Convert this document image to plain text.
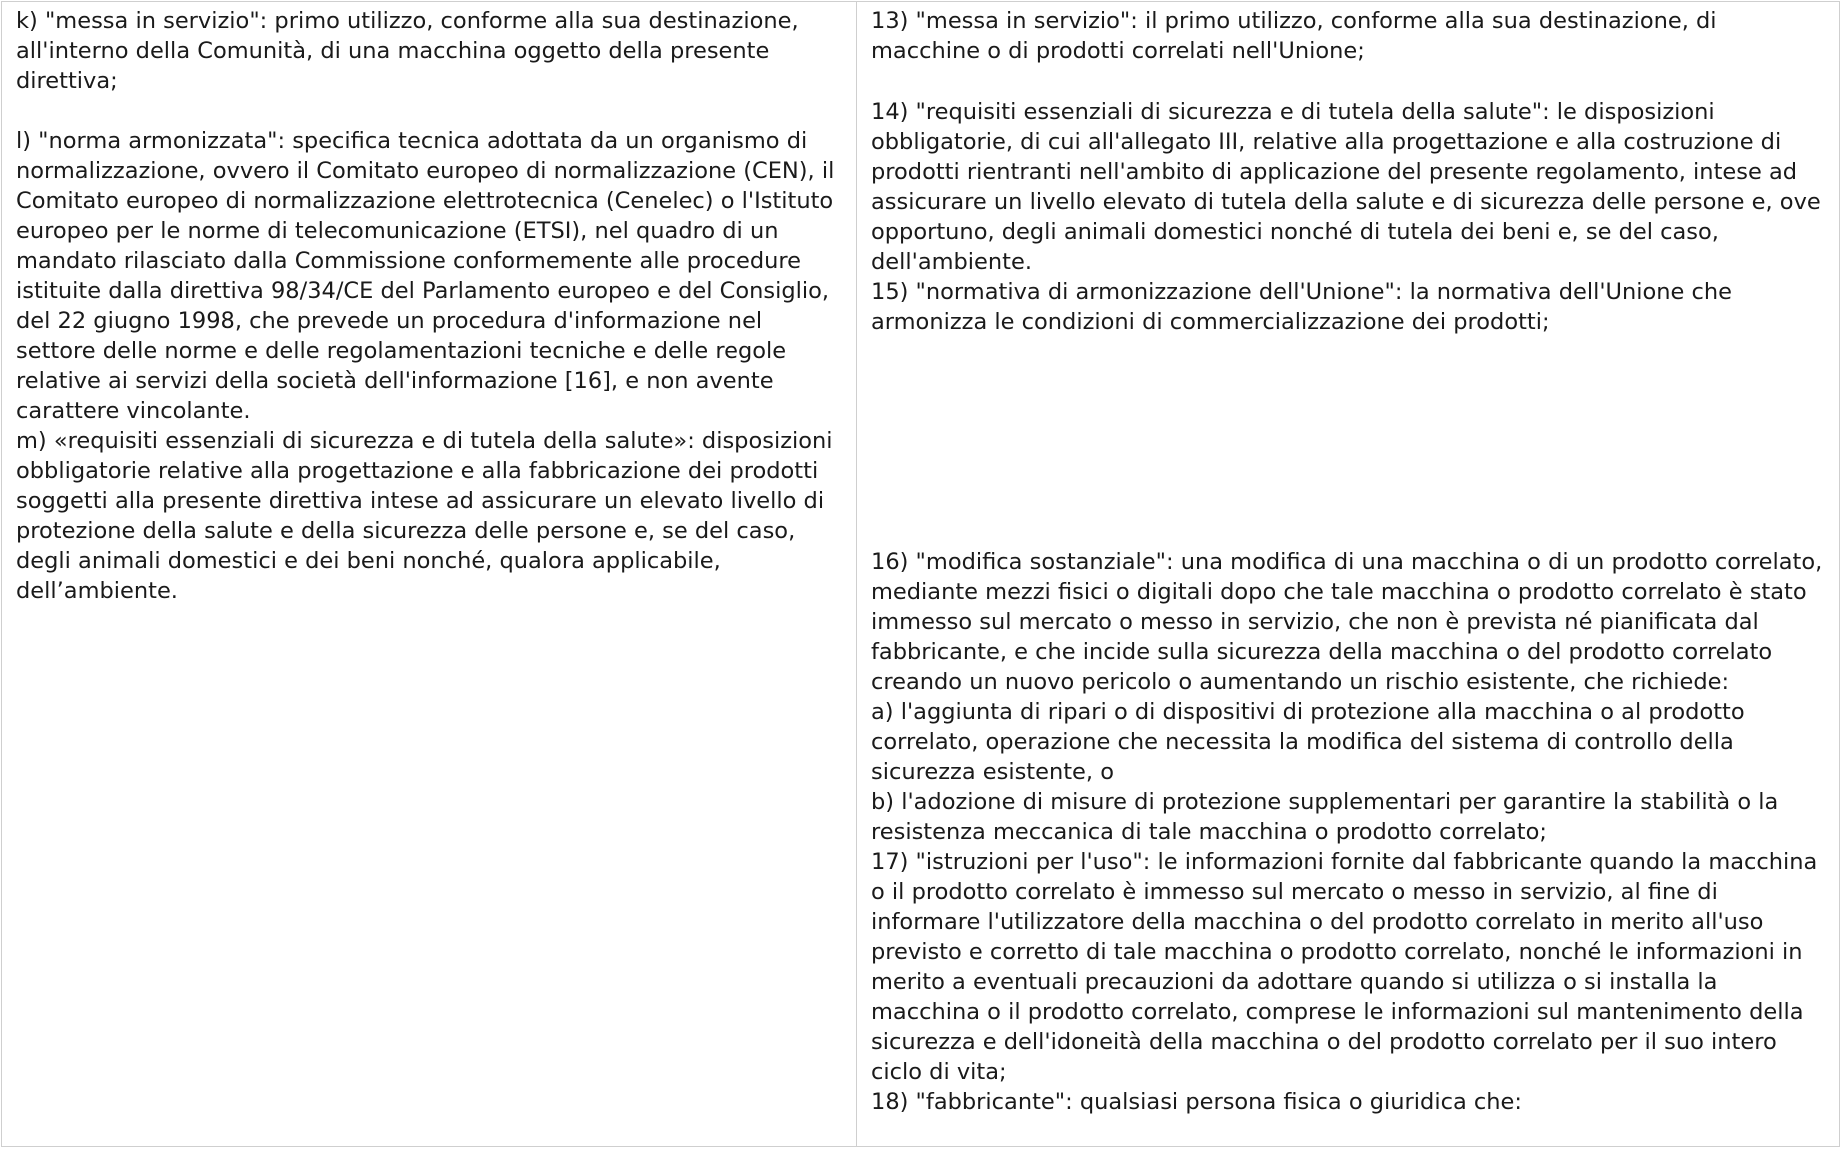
k) "messa in servizio": primo utilizzo, conforme alla sua destinazione, all'interno della Comunità, di una macchina oggetto della presente direttiva;

l) "norma armonizzata": specifica tecnica adottata da un organismo di normalizzazione, ovvero il Comitato europeo di normalizzazione (CEN), il Comitato europeo di normalizzazione elettrotecnica (Cenelec) o l'Istituto europeo per le norme di telecomunicazione (ETSI), nel quadro di un mandato rilasciato dalla Commissione conformemente alle procedure istituite dalla direttiva 98/34/CE del Parlamento europeo e del Consiglio, del 22 giugno 1998, che prevede un procedura d'informazione nel settore delle norme e delle regolamentazioni tecniche e delle regole relative ai servizi della società dell'informazione [16], e non avente carattere vincolante.

m) «requisiti essenziali di sicurezza e di tutela della salute»: disposizioni obbligatorie relative alla progettazione e alla fabbricazione dei prodotti soggetti alla presente direttiva intese ad assicurare un elevato livello di protezione della salute e della sicurezza delle persone e, se del caso, degli animali domestici e dei beni nonché, qualora applicabile, dell’ambiente.

13) "messa in servizio": il primo utilizzo, conforme alla sua destinazione, di macchine o di prodotti correlati nell'Unione;

14) "requisiti essenziali di sicurezza e di tutela della salute": le disposizioni obbligatorie, di cui all'allegato III, relative alla progettazione e alla costruzione di prodotti rientranti nell'ambito di applicazione del presente regolamento, intese ad assicurare un livello elevato di tutela della salute e di sicurezza delle persone e, ove opportuno, degli animali domestici nonché di tutela dei beni e, se del caso, dell'ambiente.

15) "normativa di armonizzazione dell'Unione": la normativa dell'Unione che armonizza le condizioni di commercializzazione dei prodotti;

16) "modifica sostanziale": una modifica di una macchina o di un prodotto correlato, mediante mezzi fisici o digitali dopo che tale macchina o prodotto correlato è stato immesso sul mercato o messo in servizio, che non è prevista né pianificata dal fabbricante, e che incide sulla sicurezza della macchina o del prodotto correlato creando un nuovo pericolo o aumentando un rischio esistente, che richiede:

a) l'aggiunta di ripari o di dispositivi di protezione alla macchina o al prodotto correlato, operazione che necessita la modifica del sistema di controllo della sicurezza esistente, o

b) l'adozione di misure di protezione supplementari per garantire la stabilità o la resistenza meccanica di tale macchina o prodotto correlato;

17) "istruzioni per l'uso": le informazioni fornite dal fabbricante quando la macchina o il prodotto correlato è immesso sul mercato o messo in servizio, al fine di informare l'utilizzatore della macchina o del prodotto correlato in merito all'uso previsto e corretto di tale macchina o prodotto correlato, nonché le informazioni in merito a eventuali precauzioni da adottare quando si utilizza o si installa la macchina o il prodotto correlato, comprese le informazioni sul mantenimento della sicurezza e dell'idoneità della macchina o del prodotto correlato per il suo intero ciclo di vita;

18) "fabbricante": qualsiasi persona fisica o giuridica che:
